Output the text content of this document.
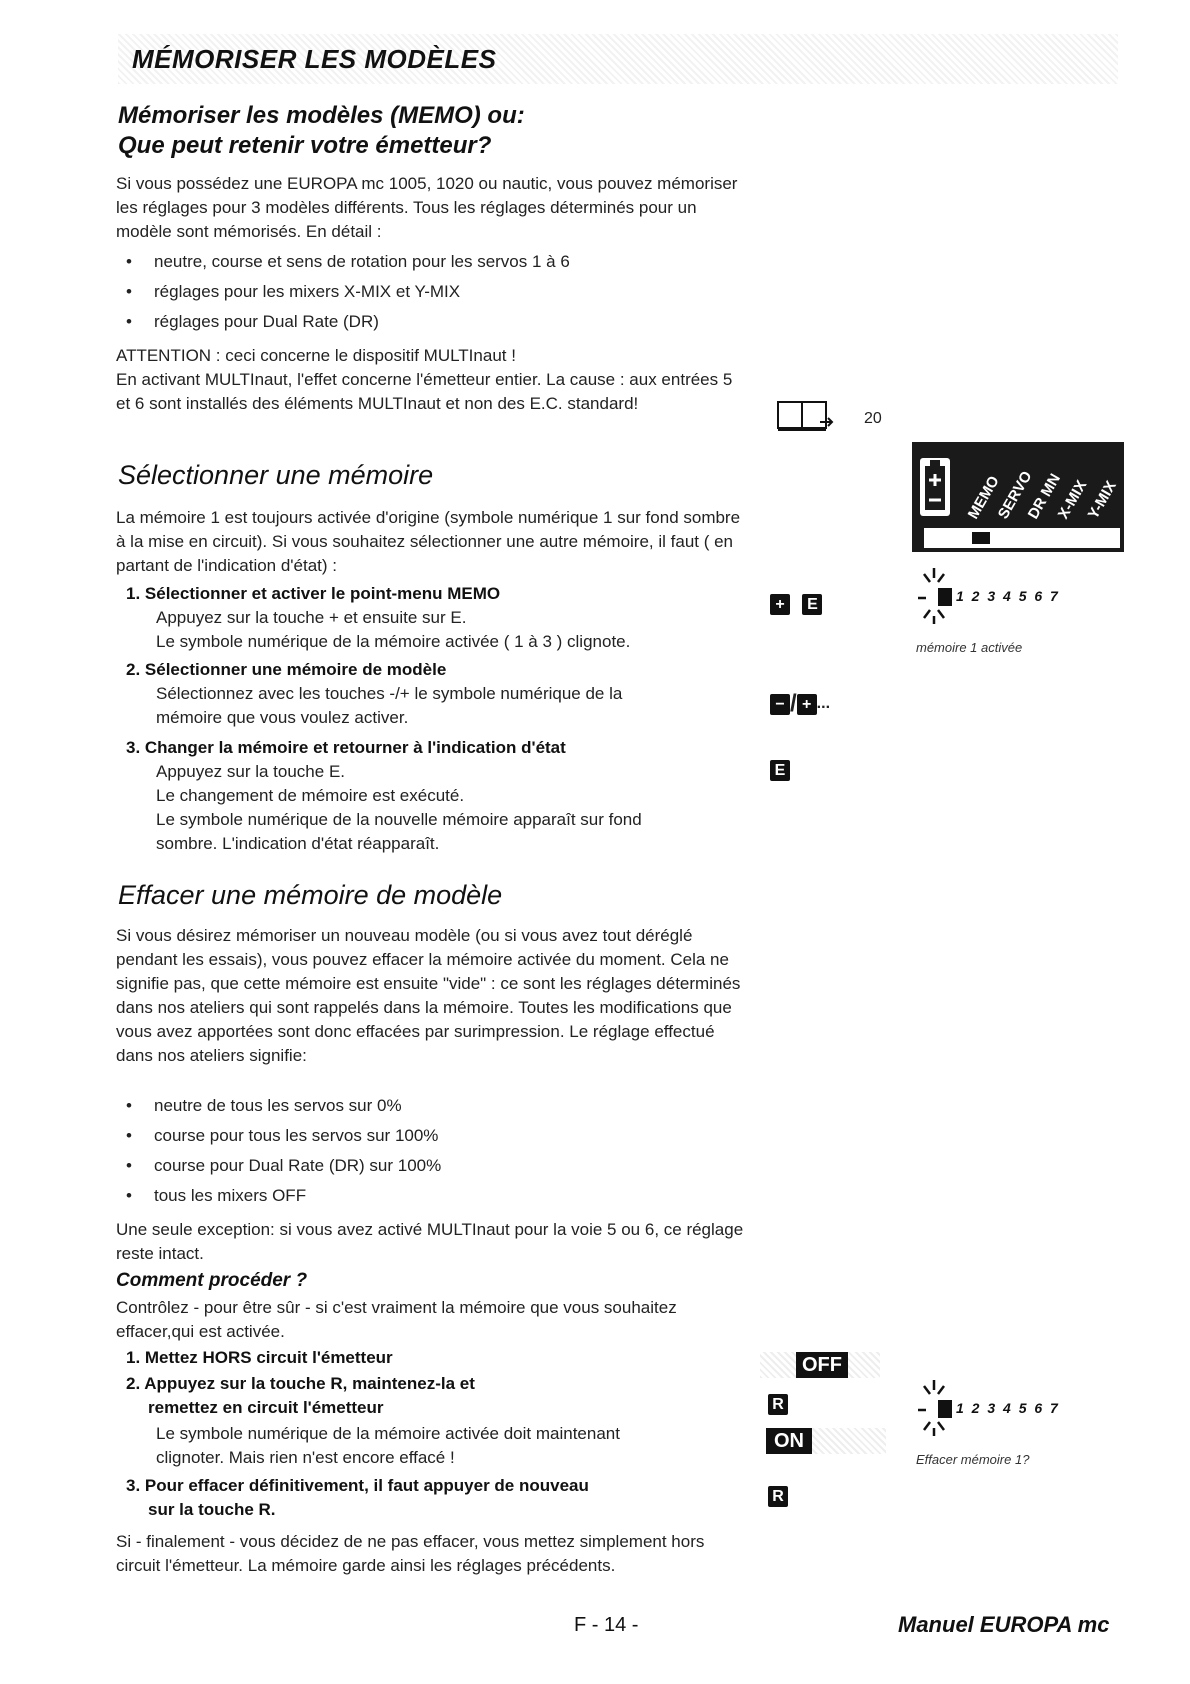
MÉMORISER LES MODÈLES
Mémoriser les modèles (MEMO) ou:
Que peut retenir votre émetteur?
Si vous possédez une EUROPA mc 1005, 1020 ou nautic, vous pouvez mémoriser les réglages pour 3 modèles différents. Tous les réglages déterminés pour un modèle sont mémorisés. En détail :
• neutre, course et sens de rotation pour les servos 1 à 6
• réglages pour les mixers X-MIX et Y-MIX
• réglages pour Dual Rate (DR)
ATTENTION : ceci concerne le dispositif MULTInaut !
En activant MULTInaut, l'effet concerne l'émetteur entier. La cause : aux entrées 5 et 6 sont installés des éléments MULTInaut et non des E.C. standard!
20
Sélectionner une mémoire
La mémoire 1 est toujours activée d'origine (symbole numérique 1 sur fond sombre à la mise en circuit). Si vous souhaitez sélectionner une autre mémoire, il faut ( en partant de l'indication d'état) :
1. Sélectionner et activer le point-menu MEMO
Appuyez sur la touche + et ensuite sur E.
Le symbole numérique de la mémoire activée ( 1 à 3 ) clignote.
2. Sélectionner une mémoire de modèle
Sélectionnez avec les touches -/+ le symbole numérique de la
mémoire que vous voulez activer.
3. Changer la mémoire et retourner à l'indication d'état
Appuyez sur la touche E.
Le changement de mémoire est exécuté.
Le symbole numérique de la nouvelle mémoire apparaît sur fond
sombre. L'indication d'état réapparaît.
Effacer une mémoire de modèle
Si vous désirez mémoriser un nouveau modèle (ou si vous avez tout déréglé pendant les essais), vous pouvez effacer la mémoire activée du moment. Cela ne signifie pas, que cette mémoire est ensuite "vide" : ce sont les réglages déterminés dans nos ateliers qui sont rappelés dans la mémoire. Toutes les modifications que vous avez apportées sont donc effacées par surimpression. Le réglage effectué dans nos ateliers signifie:
• neutre de tous les servos sur 0%
• course pour tous les servos sur 100%
• course pour Dual Rate (DR) sur 100%
• tous les mixers OFF
Une seule exception: si vous avez activé MULTInaut pour la voie 5 ou 6, ce réglage reste intact.
Comment procéder ?
Contrôlez - pour être sûr - si c'est vraiment la mémoire que vous souhaitez effacer,qui est activée.
1. Mettez HORS circuit l'émetteur
2. Appuyez sur la touche R, maintenez-la et
remettez en circuit l'émetteur
Le symbole numérique de la mémoire activée doit maintenant
clignoter. Mais rien n'est encore effacé !
3. Pour effacer définitivement, il faut appuyer de nouveau
sur la touche R.
Si - finalement - vous décidez de ne pas effacer, vous mettez simplement hors circuit l'émetteur. La mémoire garde ainsi les réglages précédents.
MEMO
SERVO
DR MN
X-MIX
Y-MIX
+ E
− / + ...
E
1 2 3 4 5 6 7
mémoire 1 activée
OFF
R
ON
R
1 2 3 4 5 6 7
Effacer mémoire 1?
F - 14 -	Manuel EUROPA mc
